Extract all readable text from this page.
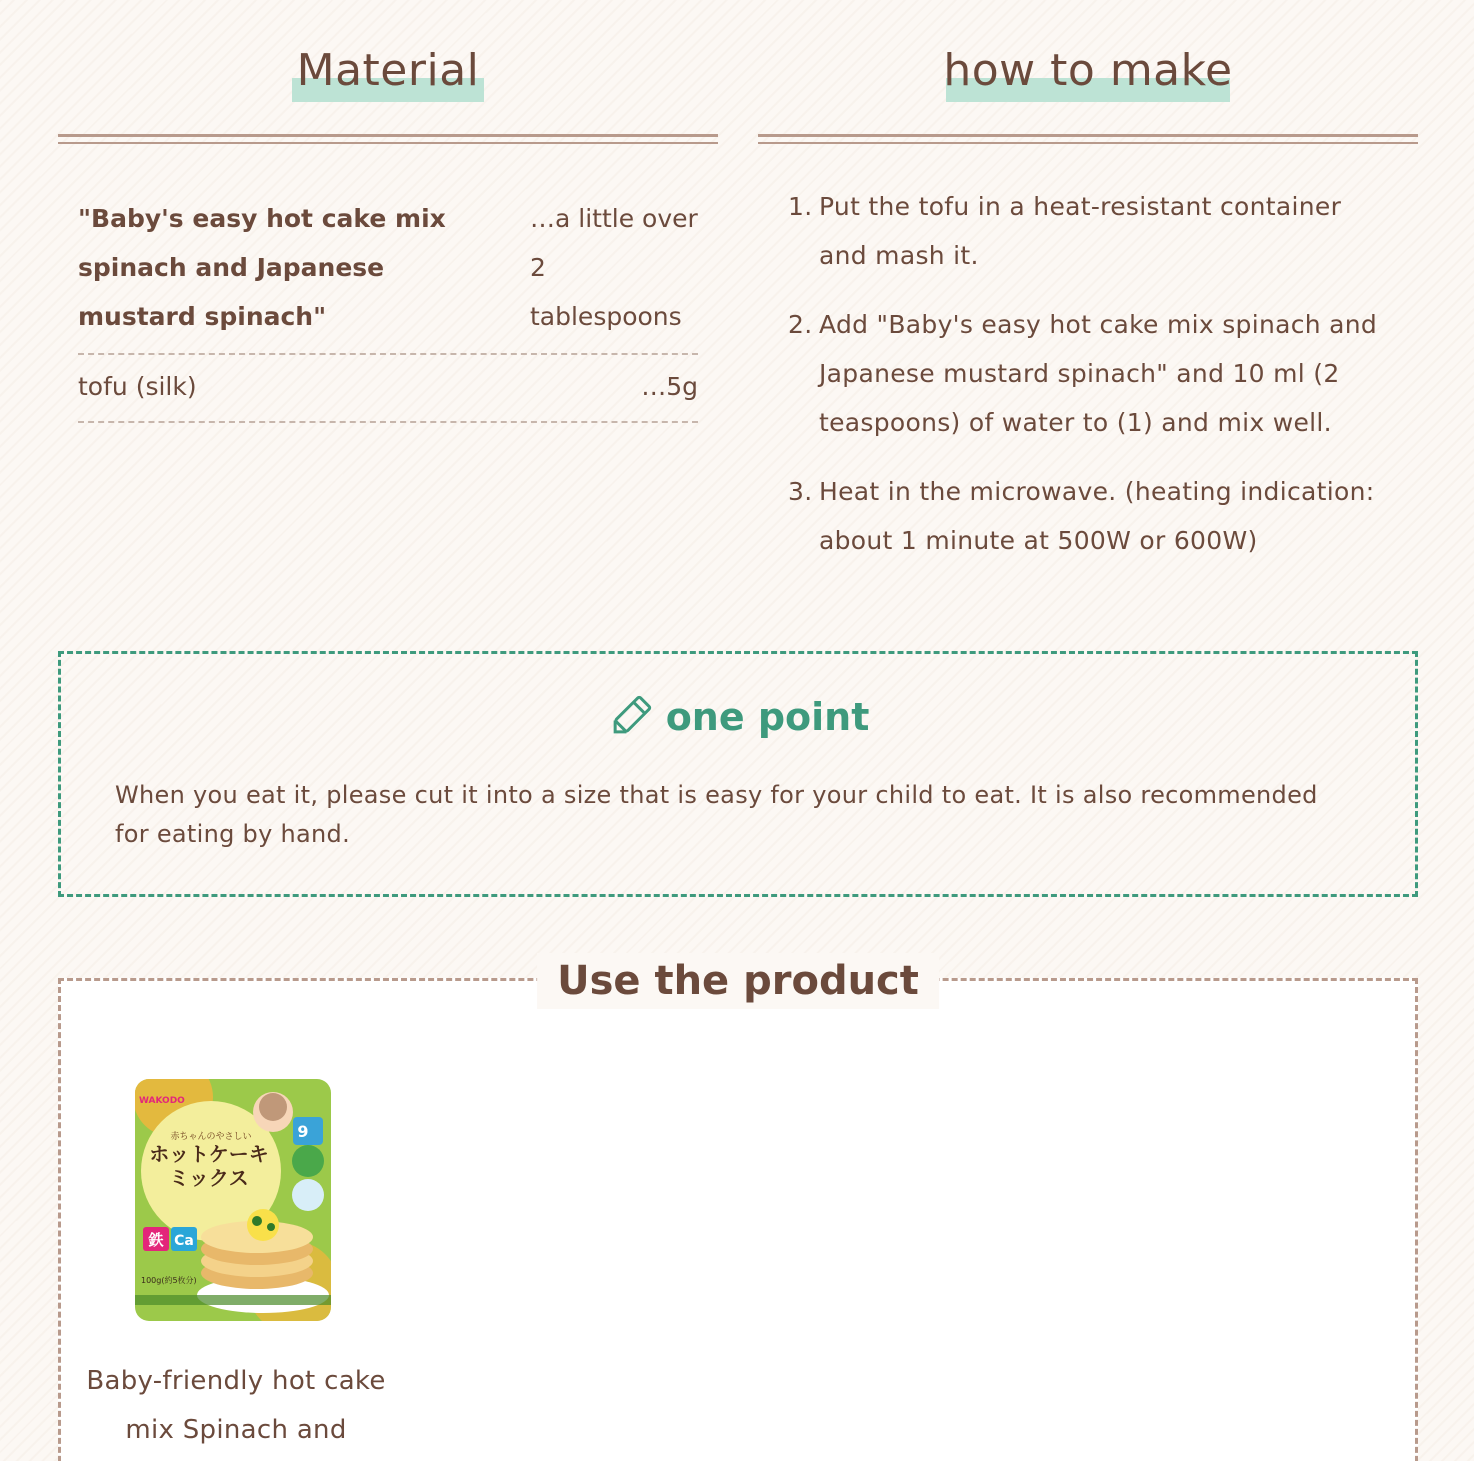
Material
"Baby's easy hot cake mix spinach and Japanese mustard spinach"
…a little over 2 tablespoons
tofu (silk)	…5g
how to make
1. Put the tofu in a heat-resistant container and mash it.
2. Add "Baby's easy hot cake mix spinach and Japanese mustard spinach" and 10 ml (2 teaspoons) of water to (1) and mix well.
3. Heat in the microwave. (heating indication: about 1 minute at 500W or 600W)
one point

When you eat it, please cut it into a size that is easy for your child to eat. It is also recommended for eating by hand.

Use the product
WAKODO
赤ちゃんのやさしい
ホットケーキ
ミックス
9
鉄 Ca
100g(約5枚分)
Baby-friendly hot cake mix Spinach and
